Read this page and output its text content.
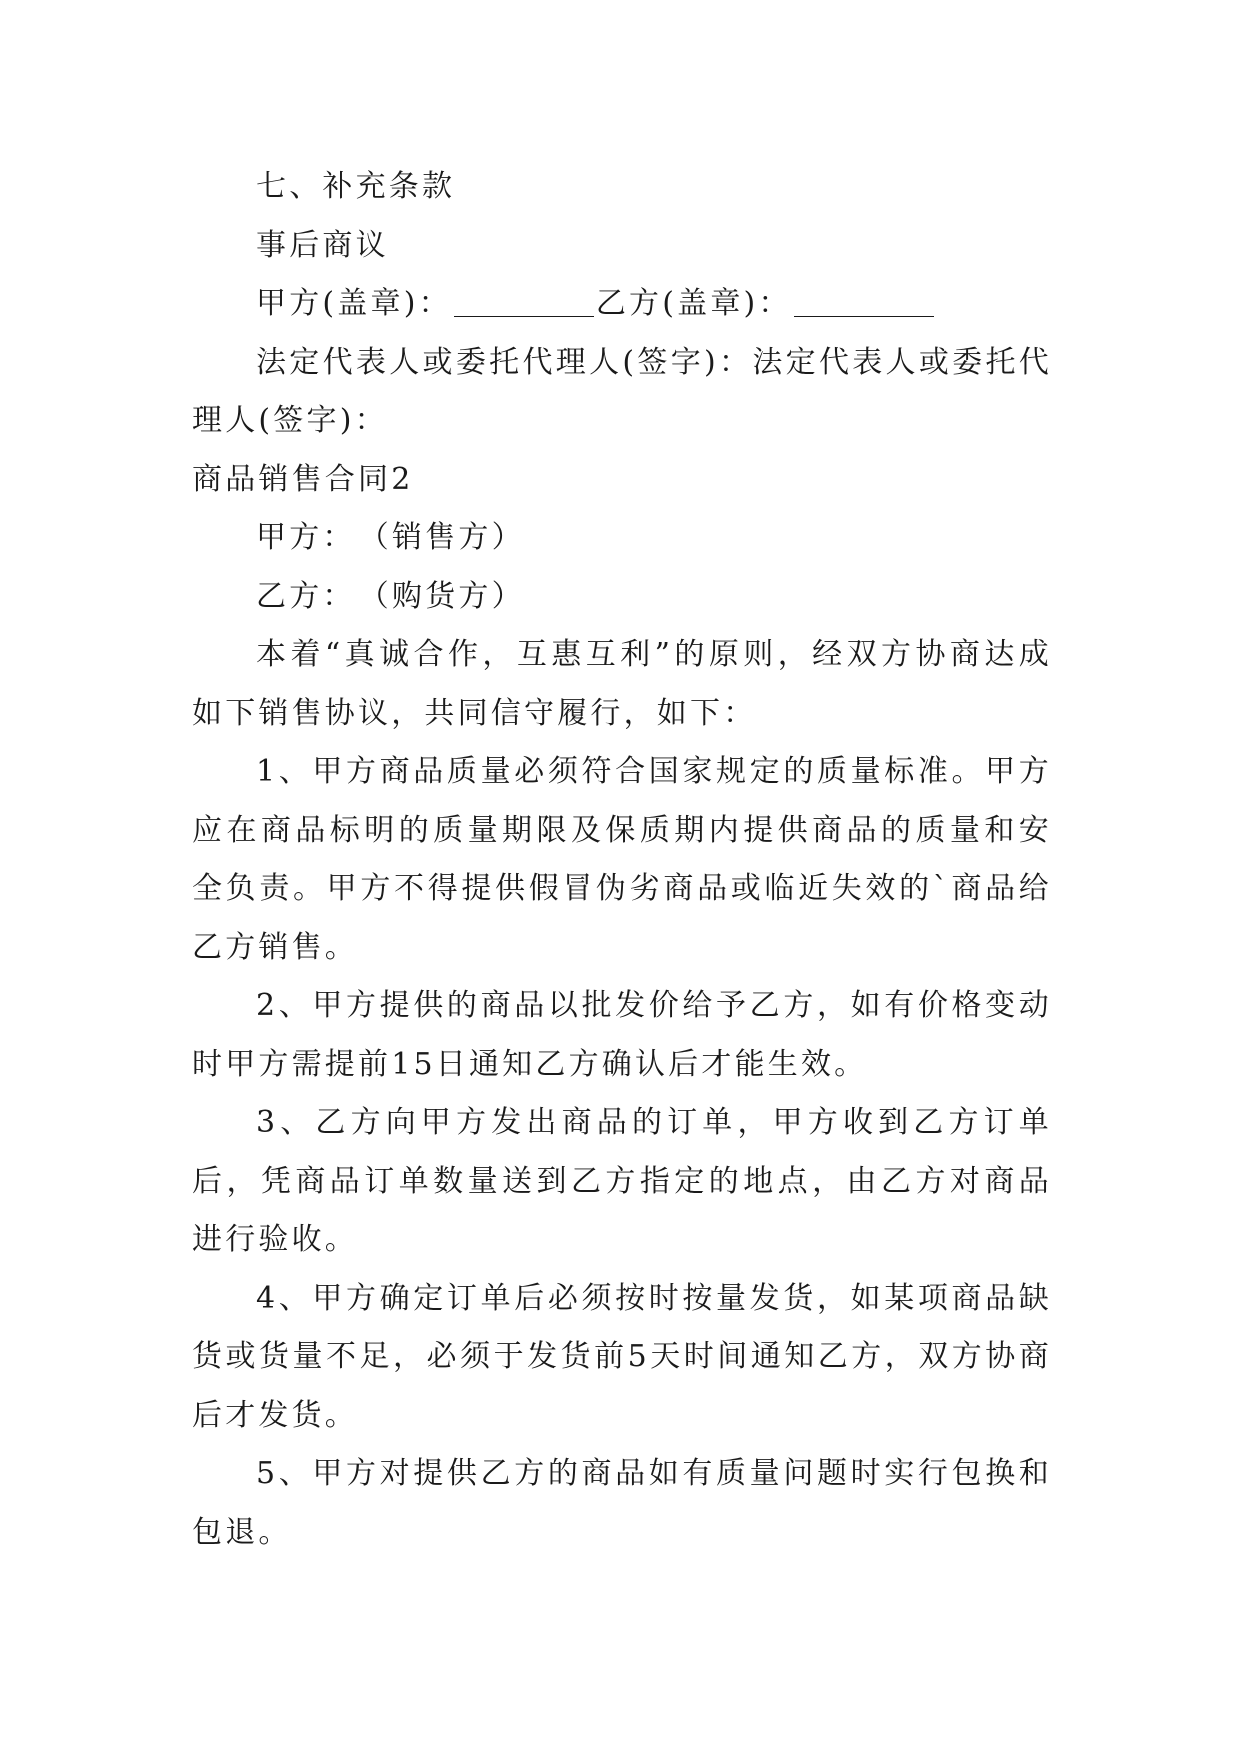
七、补充条款

事后商议

甲方(盖章)：	乙方(盖章)：

法定代表人或委托代理人(签字)：法定代表人或委托代理人(签字)：

商品销售合同2

甲方：　（销售方）

乙方：　（购货方）

本着“真诚合作，互惠互利”的原则，经双方协商达成如下销售协议，共同信守履行，如下：

1、甲方商品质量必须符合国家规定的质量标准。甲方应在商品标明的质量期限及保质期内提供商品的质量和安全负责。甲方不得提供假冒伪劣商品或临近失效的`商品给乙方销售。

2、甲方提供的商品以批发价给予乙方，如有价格变动时甲方需提前15日通知乙方确认后才能生效。

3、乙方向甲方发出商品的订单，甲方收到乙方订单后，凭商品订单数量送到乙方指定的地点，由乙方对商品进行验收。

4、甲方确定订单后必须按时按量发货，如某项商品缺货或货量不足，必须于发货前5天时间通知乙方，双方协商后才发货。

5、甲方对提供乙方的商品如有质量问题时实行包换和包退。
